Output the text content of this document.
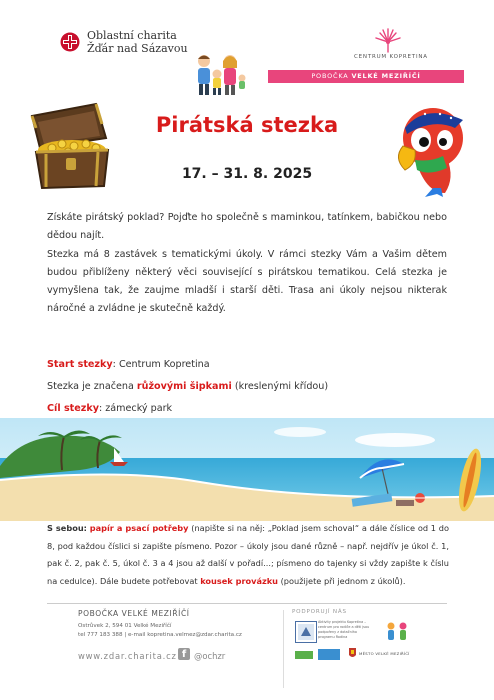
Oblastní charita
Žďár nad Sázavou
CENTRUM KOPRETINA
POBOČKA VELKÉ MEZIŘÍČÍ
Pirátská stezka
17. – 31. 8. 2025
Získáte pirátský poklad? Pojďte ho společně s maminkou, tatínkem, babičkou nebo dědou najít.
Stezka má 8 zastávek s tematickými úkoly. V rámci stezky Vám a Vašim dětem budou přiblíženy některý věci související s pirátskou tematikou. Celá stezka je vymyšlena tak, že zaujme mladší i starší děti. Trasa ani úkoly nejsou nikterak náročné a zvládne je skutečně každý.
Start stezky: Centrum Kopretina
Stezka je značena růžovými šipkami (kreslenými křídou)
Cíl stezky: zámecký park
S sebou: papír a psací potřeby (napište si na něj: „Poklad jsem schoval“ a dále číslice od 1 do 8, pod každou číslici si zapište písmeno. Pozor – úkoly jsou dané různě – např. nejdřív je úkol č. 1, pak č. 2, pak č. 5, úkol č. 3 a 4 jsou až další v pořadí...; písmeno do tajenky si vždy zapište k číslu na cedulce). Dále budete potřebovat kousek provázku (použijete při jednom z úkolů).
POBOČKA VELKÉ MEZIŘÍČÍ
Ostrůvek 2, 594 01 Velké Meziříčí
tel 777 183 388 | e-mail kopretina.velmez@zdar.charita.cz
www.zdar.charita.cz f @ochzr
PODPORUJÍ NÁS
Aktivity projektu Kopretina – centrum pro rodiče a děti jsou podpořeny z dotačního programu Rodina
MĚSTO VELKÉ MEZIŘÍČÍ
